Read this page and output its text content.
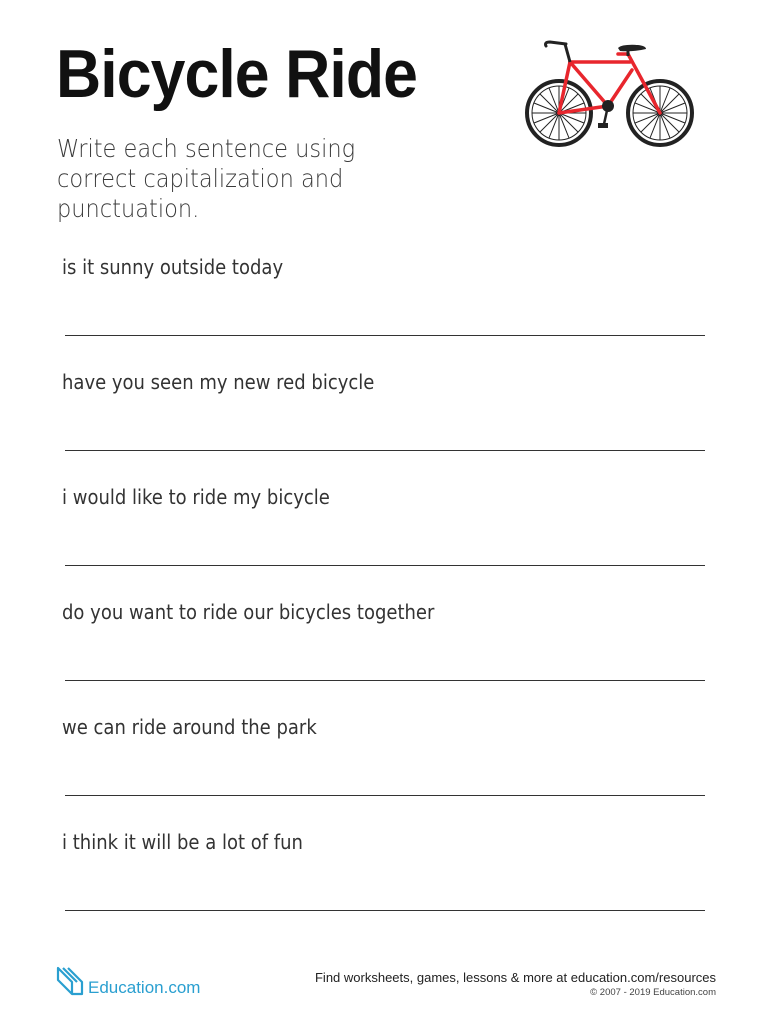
Bicycle Ride

Write each sentence using correct capitalization and punctuation.

is it sunny outside today

have you seen my new red bicycle

i would like to ride my bicycle

do you want to ride our bicycles together

we can ride around the park

i think it will be a lot of fun

Education.com
Find worksheets, games, lessons & more at education.com/resources
© 2007 - 2019 Education.com
